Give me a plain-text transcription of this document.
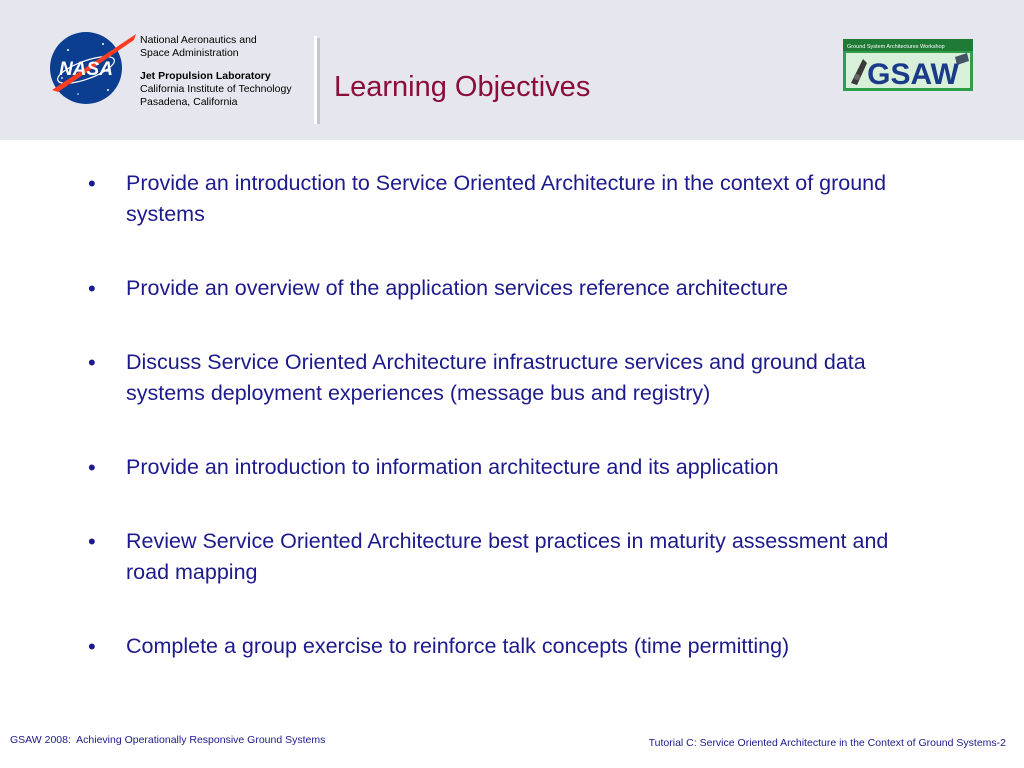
NASA
National Aeronautics and
Space Administration
Jet Propulsion Laboratory
California Institute of Technology
Pasadena, California	Learning Objectives
Ground System Architectures Workshop
GSAW
• Provide an introduction to Service Oriented Architecture in the context of ground systems
• Provide an overview of the application services reference architecture
• Discuss Service Oriented Architecture infrastructure services and ground data systems deployment experiences (message bus and registry)
• Provide an introduction to information architecture and its application
• Review Service Oriented Architecture best practices in maturity assessment and road mapping
• Complete a group exercise to reinforce talk concepts (time permitting)
GSAW 2008:  Achieving Operationally Responsive Ground Systems	Tutorial C: Service Oriented Architecture in the Context of Ground Systems-2
